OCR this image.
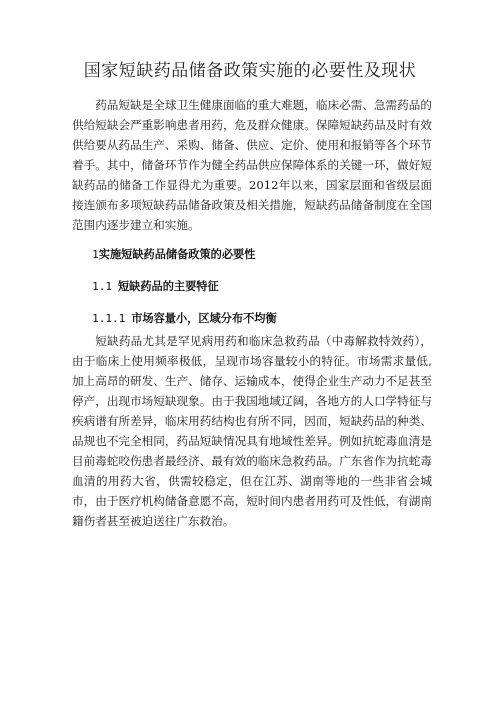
国家短缺药品储备政策实施的必要性及现状

药品短缺是全球卫生健康面临的重大难题，临床必需、急需药品的供给短缺会严重影响患者用药，危及群众健康。保障短缺药品及时有效供给要从药品生产、采购、储备、供应、定价、使用和报销等各个环节着手。其中，储备环节作为健全药品供应保障体系的关键一环，做好短缺药品的储备工作显得尤为重要。2012年以来，国家层面和省级层面接连颁布多项短缺药品储备政策及相关措施，短缺药品储备制度在全国范围内逐步建立和实施。

1实施短缺药品储备政策的必要性
1.1 短缺药品的主要特征
1.1.1 市场容量小，区域分布不均衡

短缺药品尤其是罕见病用药和临床急救药品（中毒解救特效药），由于临床上使用频率极低，呈现市场容量较小的特征。市场需求量低,加上高昂的研发、生产、储存、运输成本，使得企业生产动力不足甚至停产，出现市场短缺现象。由于我国地域辽阔，各地方的人口学特征与疾病谱有所差异，临床用药结构也有所不同，因而，短缺药品的种类、品规也不完全相同，药品短缺情况具有地域性差异。例如抗蛇毒血清是目前毒蛇咬伤患者最经济、最有效的临床急救药品。广东省作为抗蛇毒血清的用药大省，供需较稳定，但在江苏、湖南等地的一些非省会城市，由于医疗机构储备意愿不高，短时间内患者用药可及性低，有湖南籍伤者甚至被迫送往广东救治。
